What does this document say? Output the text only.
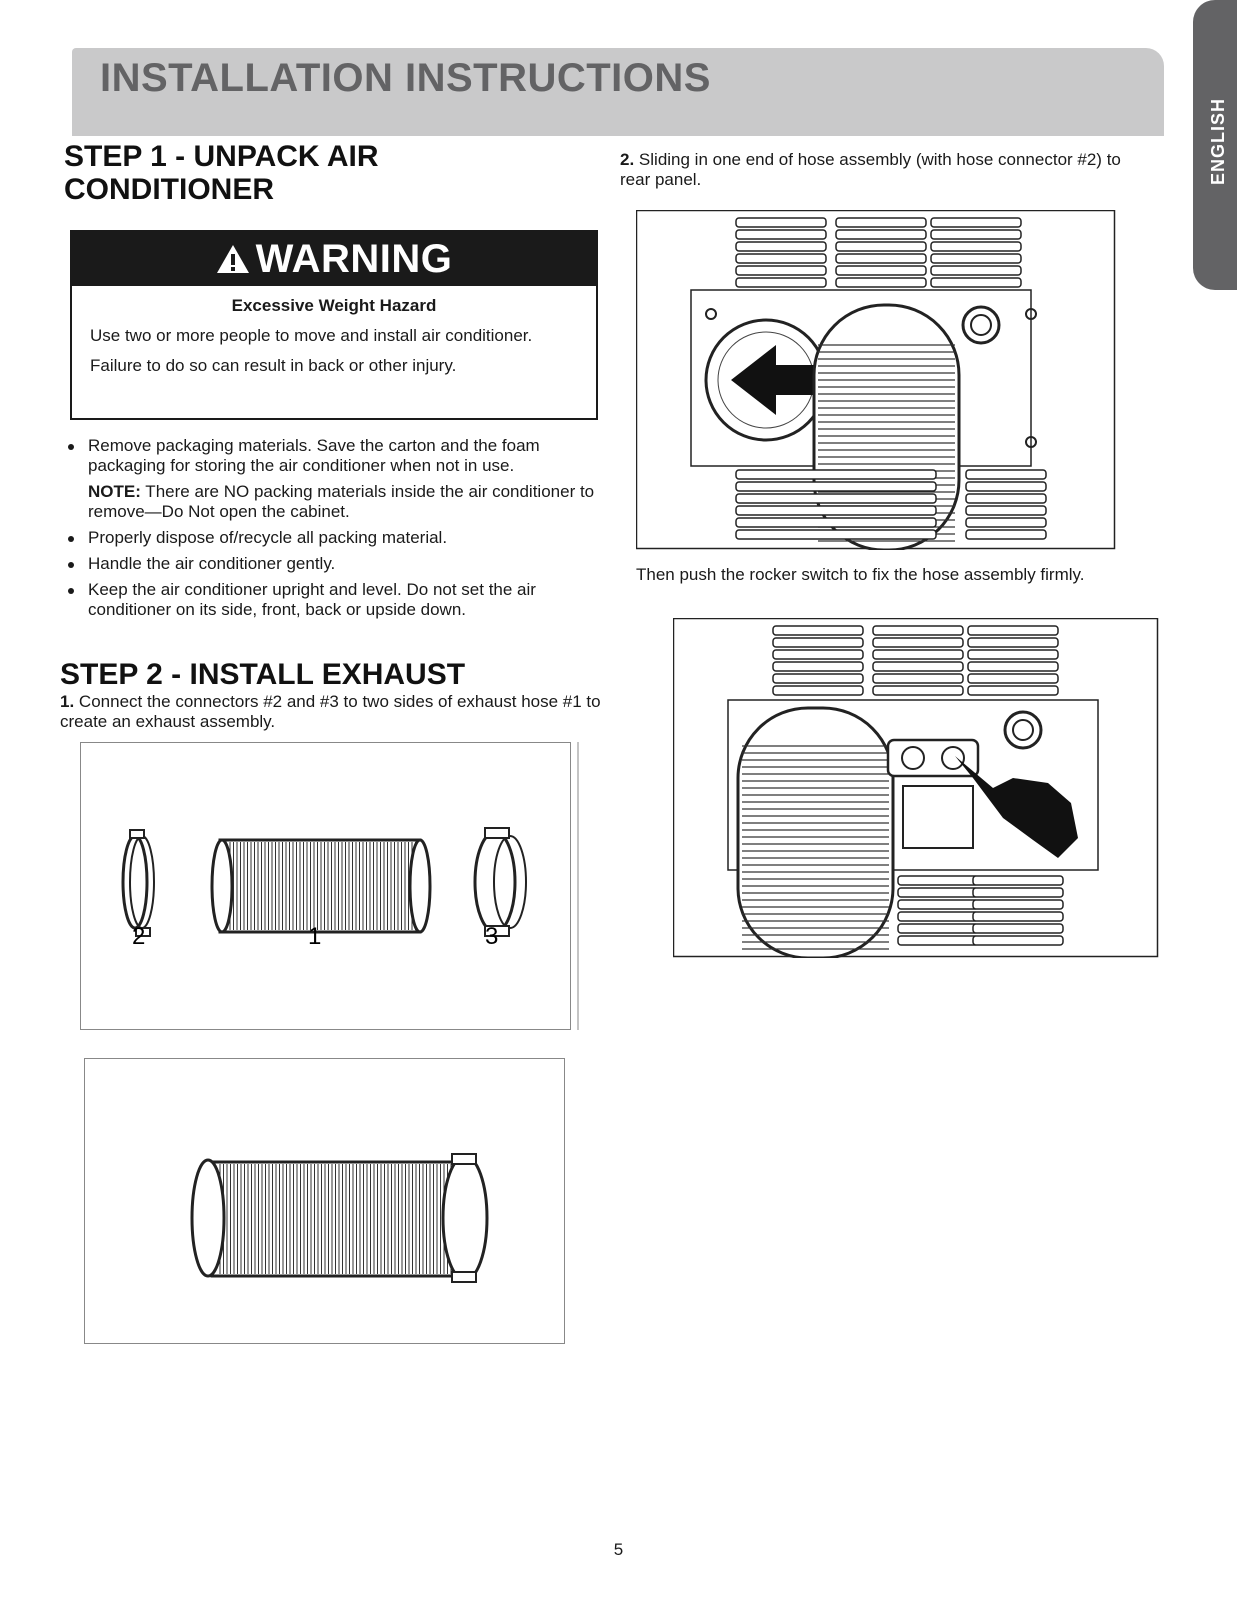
INSTALLATION INSTRUCTIONS
ENGLISH
STEP 1 - UNPACK AIR
CONDITIONER
WARNING
Excessive Weight Hazard
Use two or more people to move and install air conditioner.
Failure to do so can result in back or other injury.
Remove packaging materials. Save the carton and the foam packaging for storing the air conditioner when not in use.
NOTE: There are NO packing materials inside the air conditioner to remove—Do Not open the cabinet.
Properly dispose of/recycle all packing material.
Handle the air conditioner gently.
Keep the air conditioner upright and level. Do not set the air conditioner on its side, front, back or upside down.
STEP 2 - INSTALL EXHAUST
1. Connect the connectors #2 and #3 to two sides of exhaust hose #1 to create an exhaust assembly.
2	1	3
2. Sliding in one end of hose assembly (with hose connector #2) to rear panel.
Then push the rocker switch to fix the hose assembly firmly.
5
